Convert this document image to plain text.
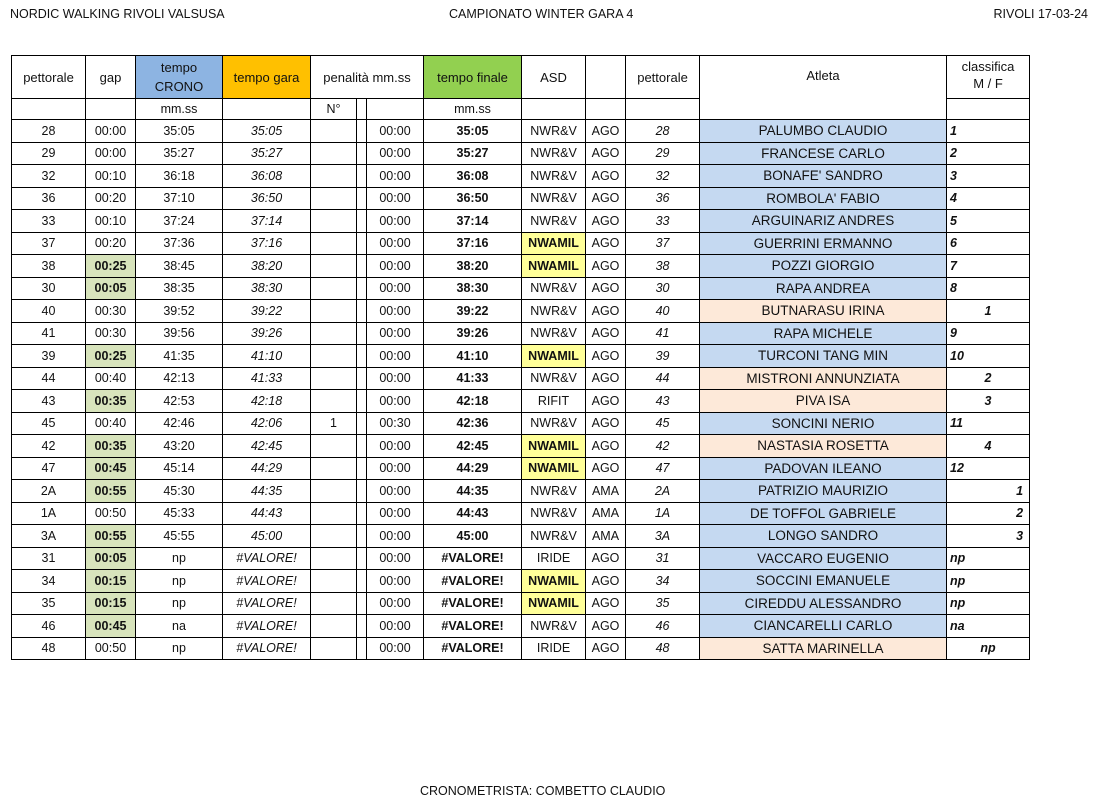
NORDIC WALKING RIVOLI VALSUSA	CAMPIONATO WINTER GARA 4	RIVOLI 17-03-24
pettorale	gap	tempo CRONO	tempo gara	penalità mm.ss			tempo finale	ASD		pettorale	Atleta	classifica M / F
		mm.ss		N°			mm.ss					
28	00:00	35:05	35:05			00:00	35:05	NWR&V	AGO	28	PALUMBO CLAUDIO	1
29	00:00	35:27	35:27			00:00	35:27	NWR&V	AGO	29	FRANCESE CARLO	2
32	00:10	36:18	36:08			00:00	36:08	NWR&V	AGO	32	BONAFE' SANDRO	3
36	00:20	37:10	36:50			00:00	36:50	NWR&V	AGO	36	ROMBOLA' FABIO	4
33	00:10	37:24	37:14			00:00	37:14	NWR&V	AGO	33	ARGUINARIZ ANDRES	5
37	00:20	37:36	37:16			00:00	37:16	NWAMIL	AGO	37	GUERRINI ERMANNO	6
38	00:25	38:45	38:20			00:00	38:20	NWAMIL	AGO	38	POZZI GIORGIO	7
30	00:05	38:35	38:30			00:00	38:30	NWR&V	AGO	30	RAPA ANDREA	8
40	00:30	39:52	39:22			00:00	39:22	NWR&V	AGO	40	BUTNARASU IRINA	1
41	00:30	39:56	39:26			00:00	39:26	NWR&V	AGO	41	RAPA MICHELE	9
39	00:25	41:35	41:10			00:00	41:10	NWAMIL	AGO	39	TURCONI TANG MIN	10
44	00:40	42:13	41:33			00:00	41:33	NWR&V	AGO	44	MISTRONI ANNUNZIATA	2
43	00:35	42:53	42:18			00:00	42:18	RIFIT	AGO	43	PIVA ISA	3
45	00:40	42:46	42:06	1		00:30	42:36	NWR&V	AGO	45	SONCINI NERIO	11
42	00:35	43:20	42:45			00:00	42:45	NWAMIL	AGO	42	NASTASIA ROSETTA	4
47	00:45	45:14	44:29			00:00	44:29	NWAMIL	AGO	47	PADOVAN ILEANO	12
2A	00:55	45:30	44:35			00:00	44:35	NWR&V	AMA	2A	PATRIZIO MAURIZIO	1
1A	00:50	45:33	44:43			00:00	44:43	NWR&V	AMA	1A	DE TOFFOL GABRIELE	2
3A	00:55	45:55	45:00			00:00	45:00	NWR&V	AMA	3A	LONGO SANDRO	3
31	00:05	np	#VALORE!			00:00	#VALORE!	IRIDE	AGO	31	VACCARO EUGENIO	np
34	00:15	np	#VALORE!			00:00	#VALORE!	NWAMIL	AGO	34	SOCCINI EMANUELE	np
35	00:15	np	#VALORE!			00:00	#VALORE!	NWAMIL	AGO	35	CIREDDU ALESSANDRO	np
46	00:45	na	#VALORE!			00:00	#VALORE!	NWR&V	AGO	46	CIANCARELLI CARLO	na
48	00:50	np	#VALORE!			00:00	#VALORE!	IRIDE	AGO	48	SATTA MARINELLA	np
CRONOMETRISTA: COMBETTO CLAUDIO
